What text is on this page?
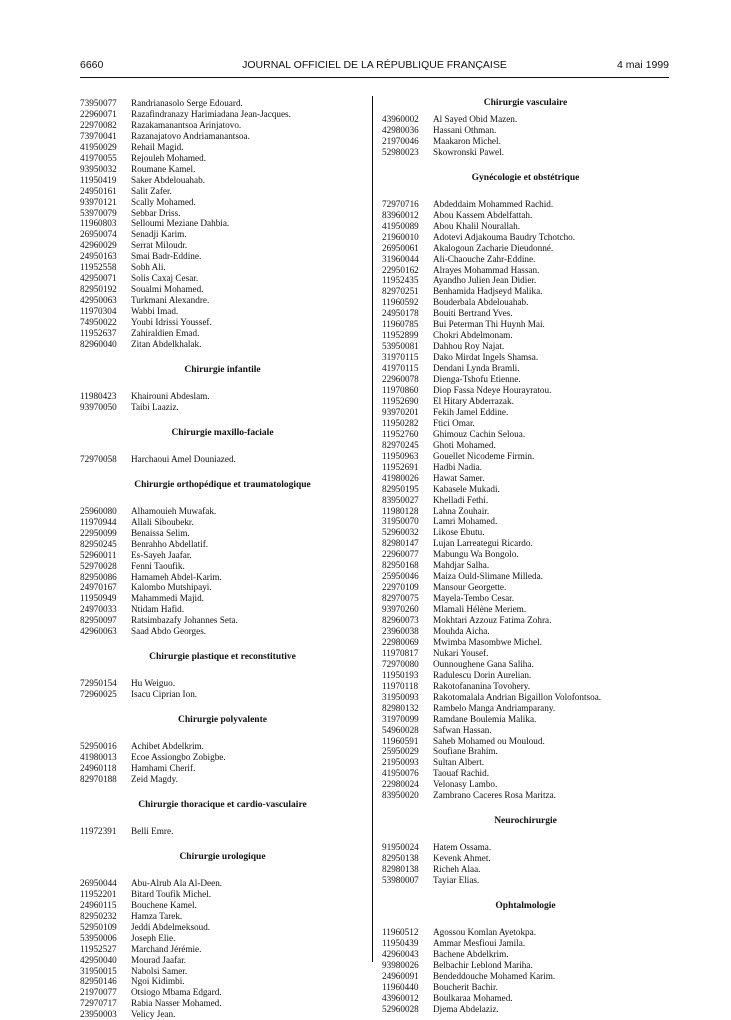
6660	JOURNAL OFFICIEL DE LA RÉPUBLIQUE FRANÇAISE	4 mai 1999
73950077	Randrianasolo Serge Edouard.
22960071	Razafindranazy Harimiadana Jean-Jacques.
22970082	Razakamanantsoa Arinjatovo.
73970041	Razanajatovo Andriamanantsoa.
41950029	Rehail Magid.
41970055	Rejouleh Mohamed.
93950032	Roumane Kamel.
11950419	Saker Abdelouahab.
24950161	Salit Zafer.
93970121	Scally Mohamed.
53970079	Sebbar Driss.
11960803	Selloumi Meziane Dahbia.
26950074	Senadji Karim.
42960029	Serrat Miloudr.
24950163	Smai Badr-Eddine.
11952558	Sobh Ali.
42950071	Solis Caxaj Cesar.
82950192	Soualmi Mohamed.
42950063	Turkmani Alexandre.
11970304	Wabbi Imad.
74950022	Youbi Idrissi Youssef.
11952637	Zahiraldien Emad.
82960040	Zitan Abdelkhalak.
Chirurgie infantile
11980423	Khairouni Abdeslam.
93970050	Taibi Laaziz.
Chirurgie maxillo-faciale
72970058	Harchaoui Amel Douniazed.
Chirurgie orthopédique et traumatologique
25960080	Alhamouieh Muwafak.
11970944	Allali Siboubekr.
22950099	Benaissa Selim.
82950245	Benrahho Abdellatif.
52960011	Es-Sayeh Jaafar.
52970028	Fenni Taoufik.
82950086	Hamameh Abdel-Karim.
24970167	Kalombo Mutshipayi.
11950949	Mahammedi Majid.
24970033	Ntidam Hafid.
82950097	Ratsimbazafy Johannes Seta.
42960063	Saad Abdo Georges.
Chirurgie plastique et reconstitutive
72950154	Hu Weiguo.
72960025	Isacu Ciprian Ion.
Chirurgie polyvalente
52950016	Achibet Abdelkrim.
41980013	Ecoe Assiongbo Zobigbe.
24960118	Hamhami Cherif.
82970188	Zeid Magdy.
Chirurgie thoracique et cardio-vasculaire
11972391	Belli Emre.
Chirurgie urologique
26950044	Abu-Alrub Ala Al-Deen.
11952201	Bitard Toufik Michel.
24960115	Bouchene Kamel.
82950232	Hamza Tarek.
52950109	Jeddi Abdelmeksoud.
53950006	Joseph Elie.
11952527	Marchand Jérémie.
42950040	Mourad Jaafar.
31950015	Nabolsi Samer.
82950146	Ngoi Kidimbi.
21970077	Otsiogo Mbama Edgard.
72970717	Rabia Nasser Mohamed.
23950003	Velicy Jean.
Chirurgie vasculaire
43960002	Al Sayed Obid Mazen.
42980036	Hassani Othman.
21970046	Maakaron Michel.
52980023	Skowronski Pawel.
Gynécologie et obstétrique
72970716	Abdeddaim Mohammed Rachid.
83960012	Abou Kassem Abdelfattah.
41950089	Abou Khalil Nourallah.
21960010	Adotevi Adjakouma Baudry Tchotcho.
26950061	Akalogoun Zacharie Dieudonné.
31960044	Ali-Chaouche Zahr-Eddine.
22950162	Alrayes Mohammad Hassan.
11952435	Ayandho Julien Jean Didier.
82970251	Benhamida Hadjseyd Malika.
11960592	Bouderbala Abdelouahab.
24950178	Bouiti Bertrand Yves.
11960785	Bui Peterman Thi Huynh Mai.
11952899	Chokri Abdelmonam.
53950081	Dahhou Roy Najat.
31970115	Dako Mirdat Ingels Shamsa.
41970115	Dendani Lynda Bramli.
22960078	Dienga-Tshofu Etienne.
11970860	Diop Fassa Ndeye Hourayratou.
11952690	El Hitary Abderrazak.
93970201	Fekih Jamel Eddine.
11950282	Ftici Omar.
11952760	Ghimouz Cachin Seloua.
82970245	Ghoti Mohamed.
11950963	Gouellet Nicodeme Firmin.
11952691	Hadbi Nadia.
41980026	Hawat Samer.
82950195	Kabasele Mukadi.
83950027	Khelladi Fethi.
11980128	Lahna Zouhair.
31950070	Lamri Mohamed.
52960032	Likose Ebutu.
82980147	Lujan Larreategui Ricardo.
22960077	Mabungu Wa Bongolo.
82950168	Mahdjar Salha.
25950046	Maiza Ould-Slimane Milleda.
22970109	Mansour Georgette.
82970075	Mayela-Tembo Cesar.
93970260	Mlamali Hélène Meriem.
82960073	Mokhtari Azzouz Fatima Zohra.
23960038	Mouhda Aicha.
22980069	Mwimba Masombwe Michel.
11970817	Nukari Yousef.
72970080	Ounnoughene Gana Saliha.
11950193	Radulescu Dorin Aurelian.
11970118	Rakotofananina Tovohery.
31950093	Rakotomalala Andrian Bigaillon Volofontsoa.
82980132	Rambelo Manga Andriamparany.
31970099	Ramdane Boulemia Malika.
54960028	Safwan Hassan.
11960591	Saheb Mohamed ou Mouloud.
25950029	Soufiane Brahim.
21950093	Sultan Albert.
41950076	Taouaf Rachid.
22980024	Velonasy Lambo.
83950020	Zambrano Caceres Rosa Maritza.
Neurochirurgie
91950024	Hatem Ossama.
82950138	Kevenk Ahmet.
82980138	Richeh Alaa.
53980007	Tayiar Elias.
Ophtalmologie
11960512	Agossou Komlan Ayetokpa.
11950439	Ammar Mesfioui Jamila.
42960043	Bachene Abdelkrim.
93980026	Belbachir Leblond Mariha.
24960091	Bendeddouche Mohamed Karim.
11960440	Boucherit Bachir.
43960012	Boulkaraa Mohamed.
52960028	Djema Abdelaziz.
